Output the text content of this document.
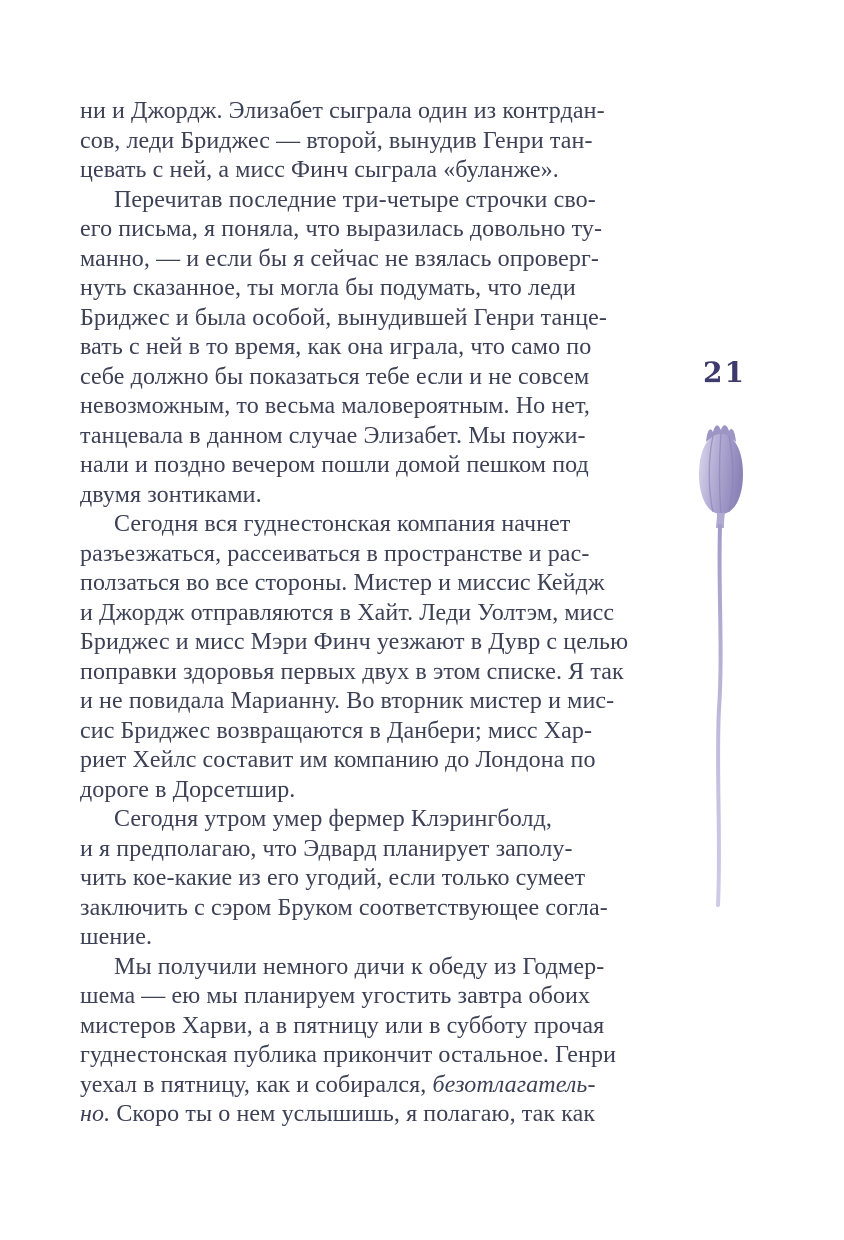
ни и Джордж. Элизабет сыграла один из контрдан-
сов, леди Бриджес — второй, вынудив Генри тан-
цевать с ней, а мисс Финч сыграла «буланже».

Перечитав последние три-четыре строчки сво-
его письма, я поняла, что выразилась довольно ту-
манно, — и если бы я сейчас не взялась опроверг-
нуть сказанное, ты могла бы подумать, что леди
Бриджес и была особой, вынудившей Генри танце-
вать с ней в то время, как она играла, что само по
себе должно бы показаться тебе если и не совсем
невозможным, то весьма маловероятным. Но нет,
танцевала в данном случае Элизабет. Мы поужи-
нали и поздно вечером пошли домой пешком под
двумя зонтиками.

Сегодня вся гуднестонская компания начнет
разъезжаться, рассеиваться в пространстве и рас-
ползаться во все стороны. Мистер и миссис Кейдж
и Джордж отправляются в Хайт. Леди Уолтэм, мисс
Бриджес и мисс Мэри Финч уезжают в Дувр с целью
поправки здоровья первых двух в этом списке. Я так
и не повидала Марианну. Во вторник мистер и мис-
сис Бриджес возвращаются в Данбери; мисс Хар-
риет Хейлс составит им компанию до Лондона по
дороге в Дорсетшир.

Сегодня утром умер фермер Клэрингболд,
и я предполагаю, что Эдвард планирует заполу-
чить кое-какие из его угодий, если только сумеет
заключить с сэром Бруком соответствующее согла-
шение.

Мы получили немного дичи к обеду из Годмер-
шема — ею мы планируем угостить завтра обоих
мистеров Харви, а в пятницу или в субботу прочая
гуднестонская публика прикончит остальное. Генри
уехал в пятницу, как и собирался, безотлагатель-
но. Скоро ты о нем услышишь, я полагаю, так как

21
